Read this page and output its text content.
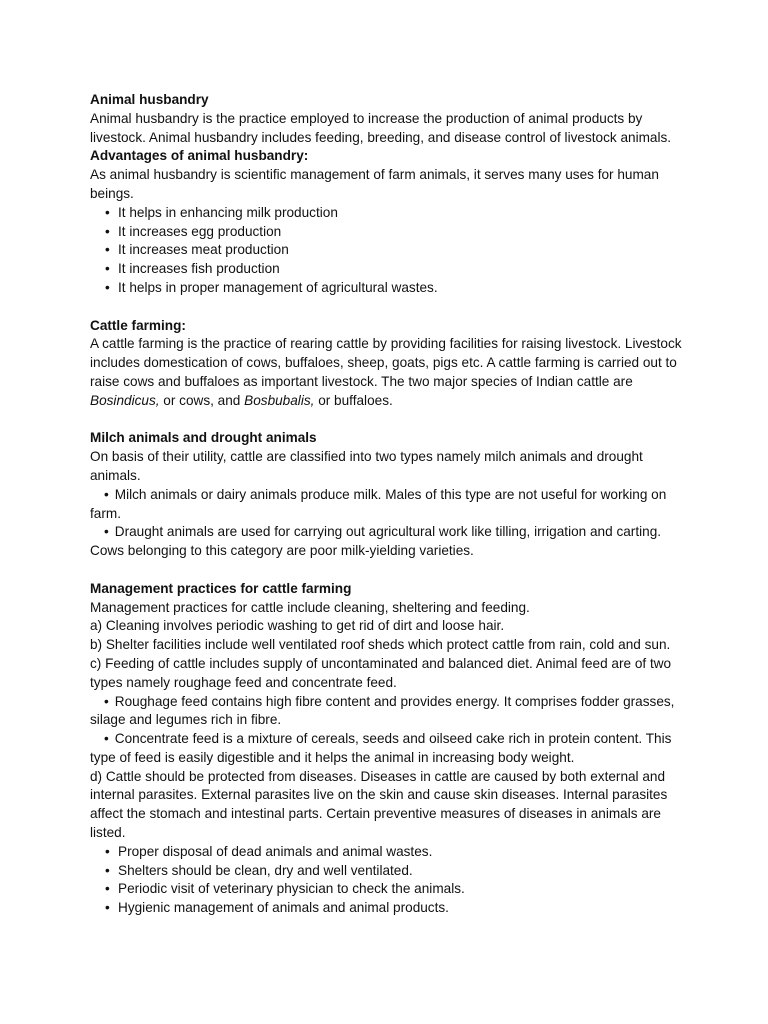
Animal husbandry

Animal husbandry is the practice employed to increase the production of animal products by livestock. Animal husbandry includes feeding, breeding, and disease control of livestock animals.

Advantages of animal husbandry:

As animal husbandry is scientific management of farm animals, it serves many uses for human beings.

• It helps in enhancing milk production
• It increases egg production
• It increases meat production
• It increases fish production
• It helps in proper management of agricultural wastes.

Cattle farming:

A cattle farming is the practice of rearing cattle by providing facilities for raising livestock. Livestock includes domestication of cows, buffaloes, sheep, goats, pigs etc. A cattle farming is carried out to raise cows and buffaloes as important livestock. The two major species of Indian cattle are Bosindicus, or cows, and Bosbubalis, or buffaloes.

Milch animals and drought animals

On basis of their utility, cattle are classified into two types namely milch animals and drought animals.

• Milch animals or dairy animals produce milk. Males of this type are not useful for working on farm.

• Draught animals are used for carrying out agricultural work like tilling, irrigation and carting. Cows belonging to this category are poor milk-yielding varieties.

Management practices for cattle farming

Management practices for cattle include cleaning, sheltering and feeding.

a) Cleaning involves periodic washing to get rid of dirt and loose hair.

b) Shelter facilities include well ventilated roof sheds which protect cattle from rain, cold and sun.

c) Feeding of cattle includes supply of uncontaminated and balanced diet. Animal feed are of two types namely roughage feed and concentrate feed.

• Roughage feed contains high fibre content and provides energy. It comprises fodder grasses, silage and legumes rich in fibre.

• Concentrate feed is a mixture of cereals, seeds and oilseed cake rich in protein content. This type of feed is easily digestible and it helps the animal in increasing body weight.

d) Cattle should be protected from diseases. Diseases in cattle are caused by both external and internal parasites. External parasites live on the skin and cause skin diseases. Internal parasites affect the stomach and intestinal parts. Certain preventive measures of diseases in animals are listed.

• Proper disposal of dead animals and animal wastes.
• Shelters should be clean, dry and well ventilated.
• Periodic visit of veterinary physician to check the animals.
• Hygienic management of animals and animal products.
